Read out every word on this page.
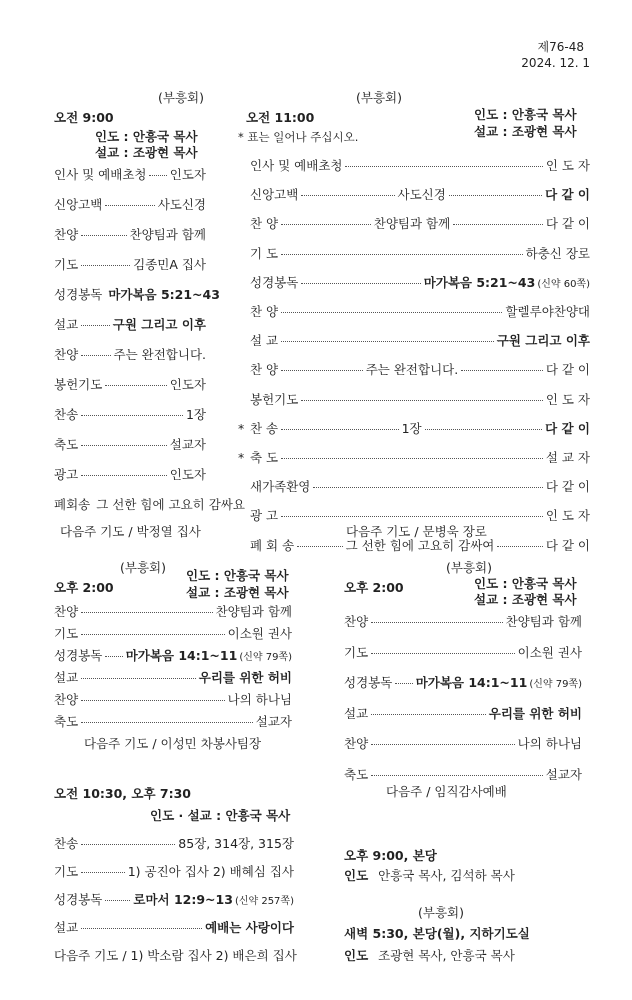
제76-48
2024. 12. 1
(부흥회)
오전 9:00
인도 : 안흥국 목사
설교 : 조광현 목사
인사 및 예배초청 인도자
신앙고백	사도신경
찬양	찬양팀과 함께
기도	김종민A 집사
성경봉독 마가복음 5:21~43
설교	구원 그리고 이후
찬양	주는 완전합니다.
봉헌기도	인도자
찬송	1장
축도	설교자
광고	인도자
폐회송 그 선한 힘에 고요히 감싸요
다음주 기도 / 박정열 집사
(부흥회)
오전 11:00
* 표는 일어나 주십시오.
인도 : 안흥국 목사
설교 : 조광현 목사
인사 및 예배초청	인 도 자
신앙고백	사도신경	다 같 이
찬 양	찬양팀과 함께	다 같 이
기 도	하충신 장로
성경봉독	마가복음 5:21~43 (신약 60쪽)
찬 양	할렐루야찬양대
설 교	구원 그리고 이후
찬 양	주는 완전합니다.	다 같 이
봉헌기도	인 도 자
* 찬 송	1장	다 같 이
* 축 도	설 교 자
새가족환영	다 같 이
광 고	인 도 자
폐 회 송	그 선한 힘에 고요히 감싸여	다 같 이
다음주 기도 / 문병욱 장로
(부흥회)
오후 2:00
인도 : 안흥국 목사
설교 : 조광현 목사
찬양	찬양팀과 함께
기도	이소원 권사
성경봉독 마가복음 14:1~11 (신약 79쪽)
설교	우리를 위한 허비
찬양	나의 하나님
축도	설교자
다음주 기도 / 이성민 차봉사팀장
(부흥회)
오후 2:00	인도 : 안흥국 목사
설교 : 조광현 목사
찬양	찬양팀과 함께
기도	이소원 권사
성경봉독 마가복음 14:1~11 (신약 79쪽)
설교	우리를 위한 허비
찬양	나의 하나님
축도	설교자
다음주 / 임직감사예배
오전 10:30, 오후 7:30
인도 · 설교 : 안흥국 목사
찬송	85장, 314장, 315장
기도	1) 공진아 집사 2) 배혜심 집사
성경봉독 로마서 12:9~13 (신약 257쪽)
설교	예배는 사랑이다
다음주 기도 / 1) 박소람 집사 2) 배은희 집사
오후 9:00, 본당
인도 안흥국 목사, 김석하 목사
(부흥회)
새벽 5:30, 본당(월), 지하기도실
인도 조광현 목사, 안흥국 목사
